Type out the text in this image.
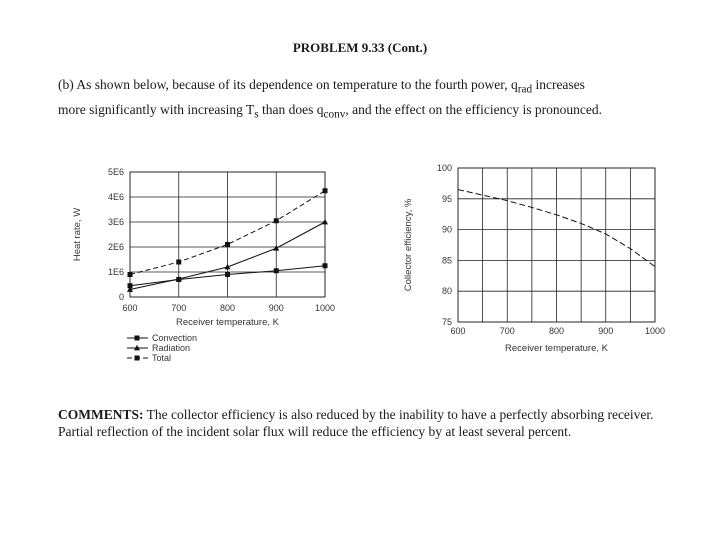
PROBLEM 9.33 (Cont.)
(b) As shown below, because of its dependence on temperature to the fourth power, $q_{rad}$ increases
more significantly with increasing $T_s$ than does $q_{conv}$, and the effect on the efficiency is pronounced.
600	700	800	900	1000
0
1E6
2E6
3E6
4E6
5E6
Receiver temperature, K
Heat rate, W
Convection
Radiation
Total
600	700	800	900	1000
75
80
85
90
95
100
Receiver temperature, K
Collector efficiency, %
COMMENTS: The collector efficiency is also reduced by the inability to have a perfectly absorbing receiver. Partial reflection of the incident solar flux will reduce the efficiency by at least several percent.
